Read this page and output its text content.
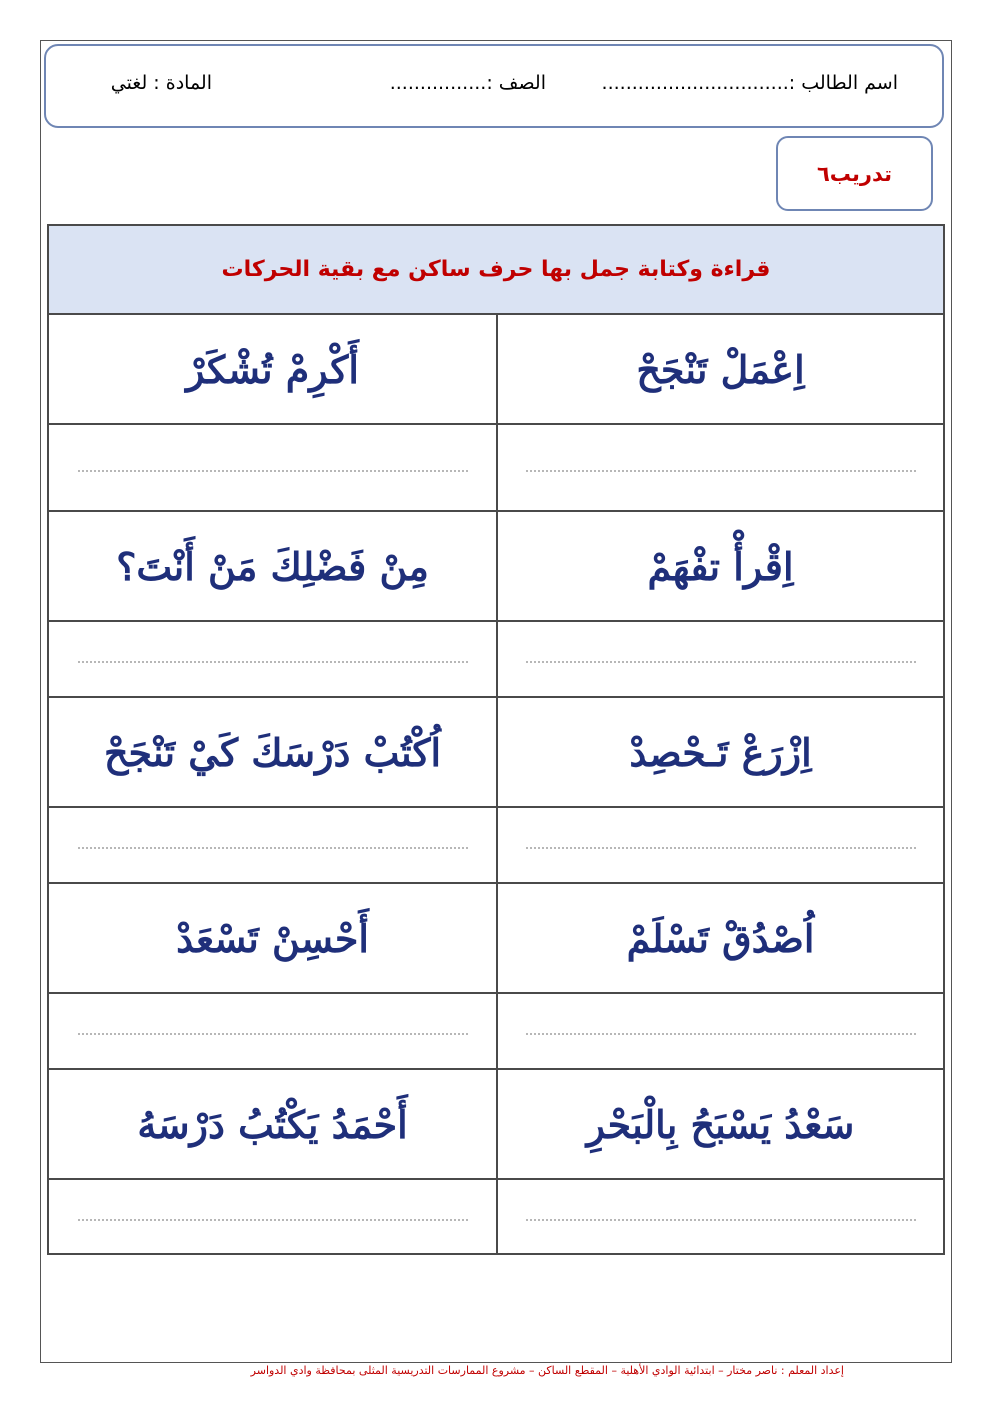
اسم الطالب :...............................
الصف :................
المادة : لغتي
تدريب٦
قراءة وكتابة جمل بها حرف ساكن مع بقية الحركات
اِعْمَلْ تَنْجَحْ
أَكْرِمْ تُشْكَرْ
اِقْرأْ تفْهَمْ
مِنْ فَضْلِكَ مَنْ أَنْتَ؟
اِزْرَعْ تَـحْصِدْ
اُكْتُبْ دَرْسَكَ كَيْ تَنْجَحْ
اُصْدُقْ تَسْلَمْ
أَحْسِنْ تَسْعَدْ
سَعْدُ يَسْبَحُ بِالْبَحْرِ
أَحْمَدُ يَكْتُبُ دَرْسَهُ
إعداد المعلم : ناصر مختار – ابتدائية الوادي الأهلية – المقطع الساكن – مشروع الممارسات التدريسية المثلى بمحافظة وادي الدواسر
